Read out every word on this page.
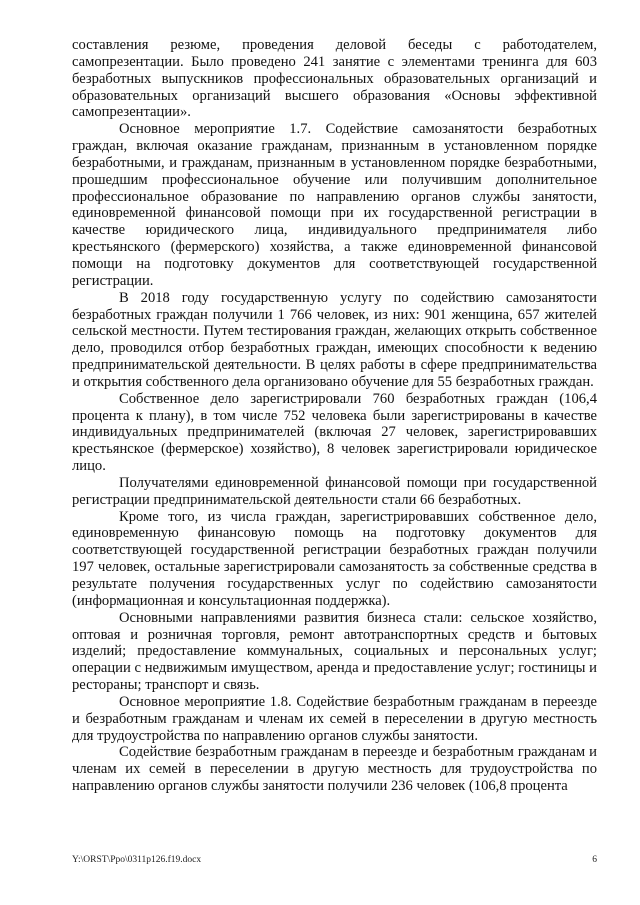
составления резюме, проведения деловой беседы с работодателем, самопрезентации. Было проведено 241 занятие с элементами тренинга для 603 безработных выпускников профессиональных образовательных организаций и образовательных организаций высшего образования «Основы эффективной самопрезентации».

Основное мероприятие 1.7. Содействие самозанятости безработных граждан, включая оказание гражданам, признанным в установленном порядке безработными, и гражданам, признанным в установленном порядке безработными, прошедшим профессиональное обучение или получившим дополнительное профессиональное образование по направлению органов службы занятости, единовременной финансовой помощи при их государственной регистрации в качестве юридического лица, индивидуального предпринимателя либо крестьянского (фермерского) хозяйства, а также единовременной финансовой помощи на подготовку документов для соответствующей государственной регистрации.

В 2018 году государственную услугу по содействию самозанятости безработных граждан получили 1 766 человек, из них: 901 женщина, 657 жителей сельской местности. Путем тестирования граждан, желающих открыть собственное дело, проводился отбор безработных граждан, имеющих способности к ведению предпринимательской деятельности. В целях работы в сфере предпринимательства и открытия собственного дела организовано обучение для 55 безработных граждан.

Собственное дело зарегистрировали 760 безработных граждан (106,4 процента к плану), в том числе 752 человека были зарегистрированы в качестве индивидуальных предпринимателей (включая 27 человек, зарегистрировавших крестьянское (фермерское) хозяйство), 8 человек зарегистрировали юридическое лицо.

Получателями единовременной финансовой помощи при государственной регистрации предпринимательской деятельности стали 66 безработных.

Кроме того, из числа граждан, зарегистрировавших собственное дело, единовременную финансовую помощь на подготовку документов для соответствующей государственной регистрации безработных граждан получили 197 человек, остальные зарегистрировали самозанятость за собственные средства в результате получения государственных услуг по содействию самозанятости (информационная и консультационная поддержка).

Основными направлениями развития бизнеса стали: сельское хозяйство, оптовая и розничная торговля, ремонт автотранспортных средств и бытовых изделий; предоставление коммунальных, социальных и персональных услуг; операции с недвижимым имуществом, аренда и предоставление услуг; гостиницы и рестораны; транспорт и связь.

Основное мероприятие 1.8. Содействие безработным гражданам в переезде и безработным гражданам и членам их семей в переселении в другую местность для трудоустройства по направлению органов службы занятости.

Содействие безработным гражданам в переезде и безработным гражданам и членам их семей в переселении в другую местность для трудоустройства по направлению органов службы занятости получили 236 человек (106,8 процента

Y:\ORST\Ppo\0311p126.f19.docx	6
